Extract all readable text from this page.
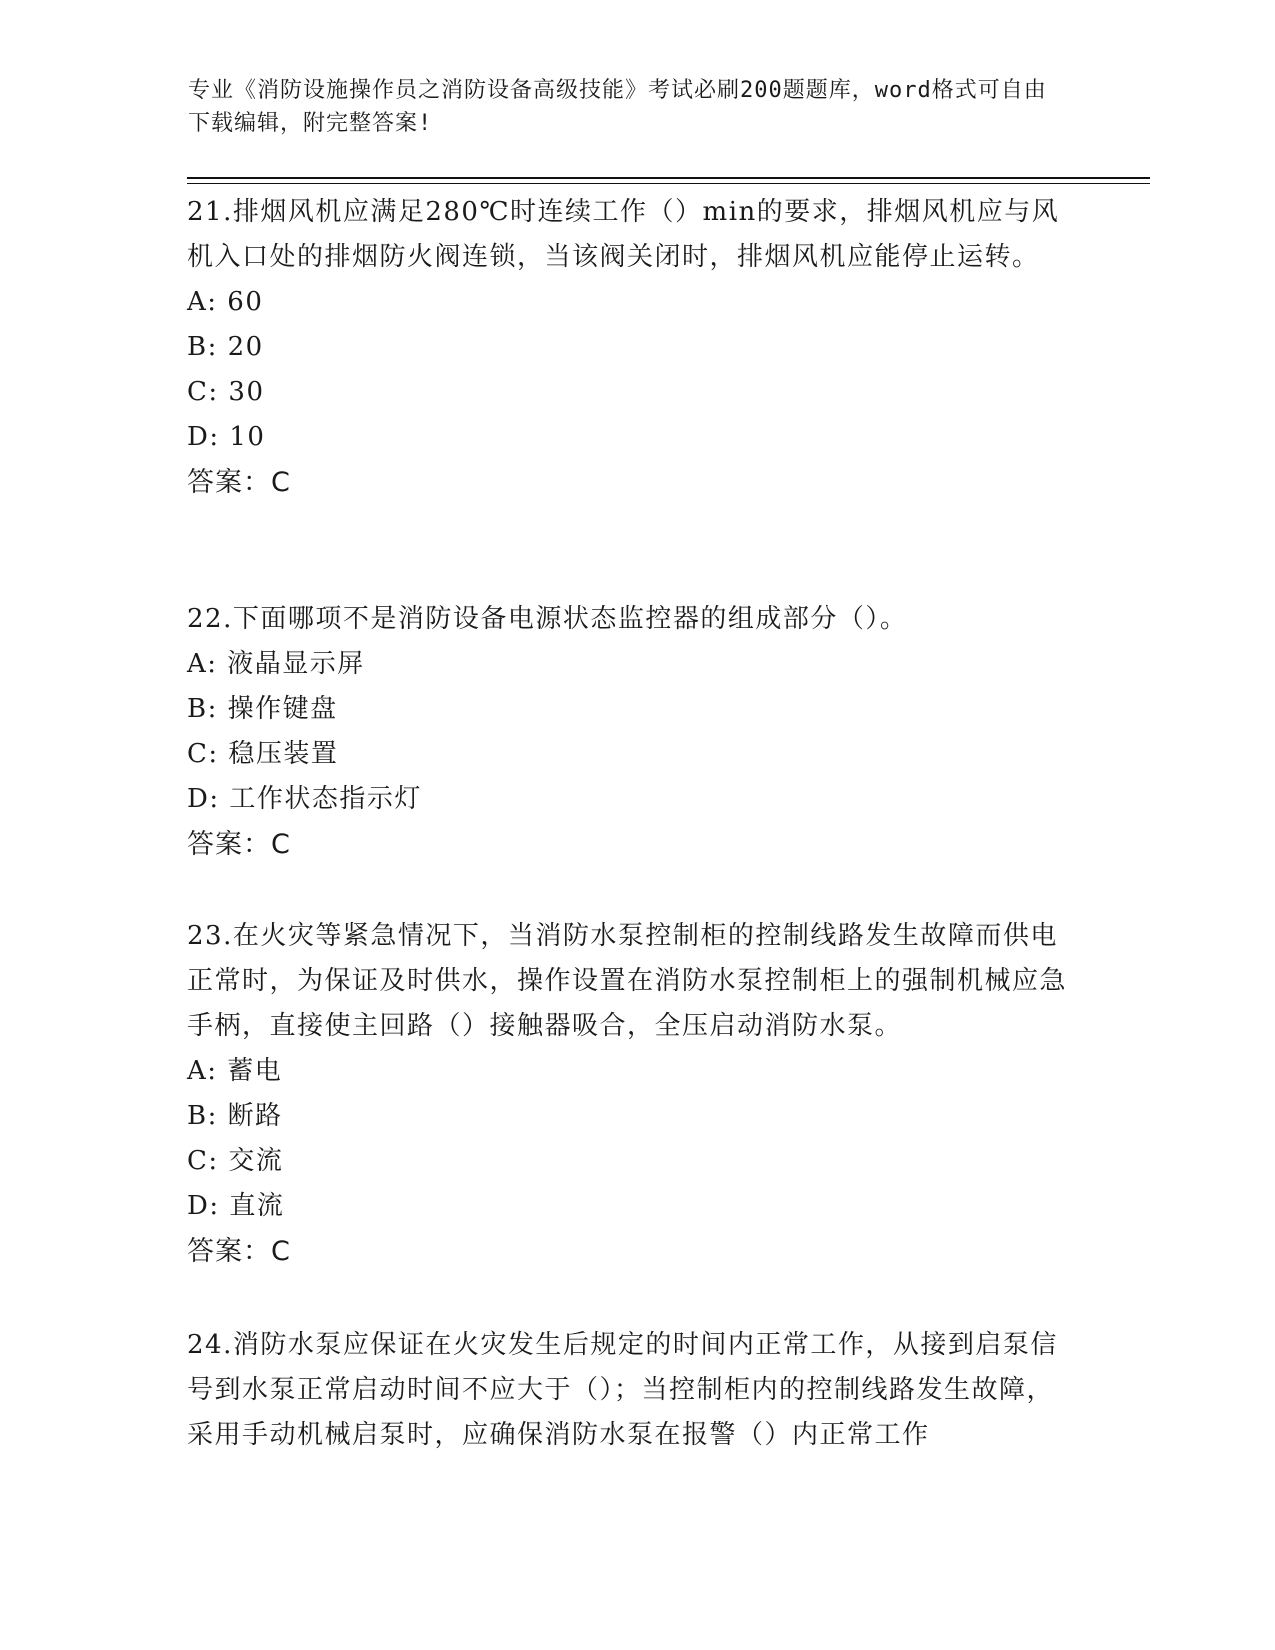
专业《消防设施操作员之消防设备高级技能》考试必刷200题题库，word格式可自由下载编辑，附完整答案!

21.排烟风机应满足280℃时连续工作（）min的要求，排烟风机应与风机入口处的排烟防火阀连锁，当该阀关闭时，排烟风机应能停止运转。

A: 60
B: 20
C: 30
D: 10
答案：C

22.下面哪项不是消防设备电源状态监控器的组成部分（）。

A: 液晶显示屏
B: 操作键盘
C: 稳压装置
D: 工作状态指示灯
答案：C

23.在火灾等紧急情况下，当消防水泵控制柜的控制线路发生故障而供电正常时，为保证及时供水，操作设置在消防水泵控制柜上的强制机械应急手柄，直接使主回路（）接触器吸合，全压启动消防水泵。

A: 蓄电
B: 断路
C: 交流
D: 直流
答案：C

24.消防水泵应保证在火灾发生后规定的时间内正常工作，从接到启泵信号到水泵正常启动时间不应大于（）；当控制柜内的控制线路发生故障，采用手动机械启泵时，应确保消防水泵在报警（）内正常工作
